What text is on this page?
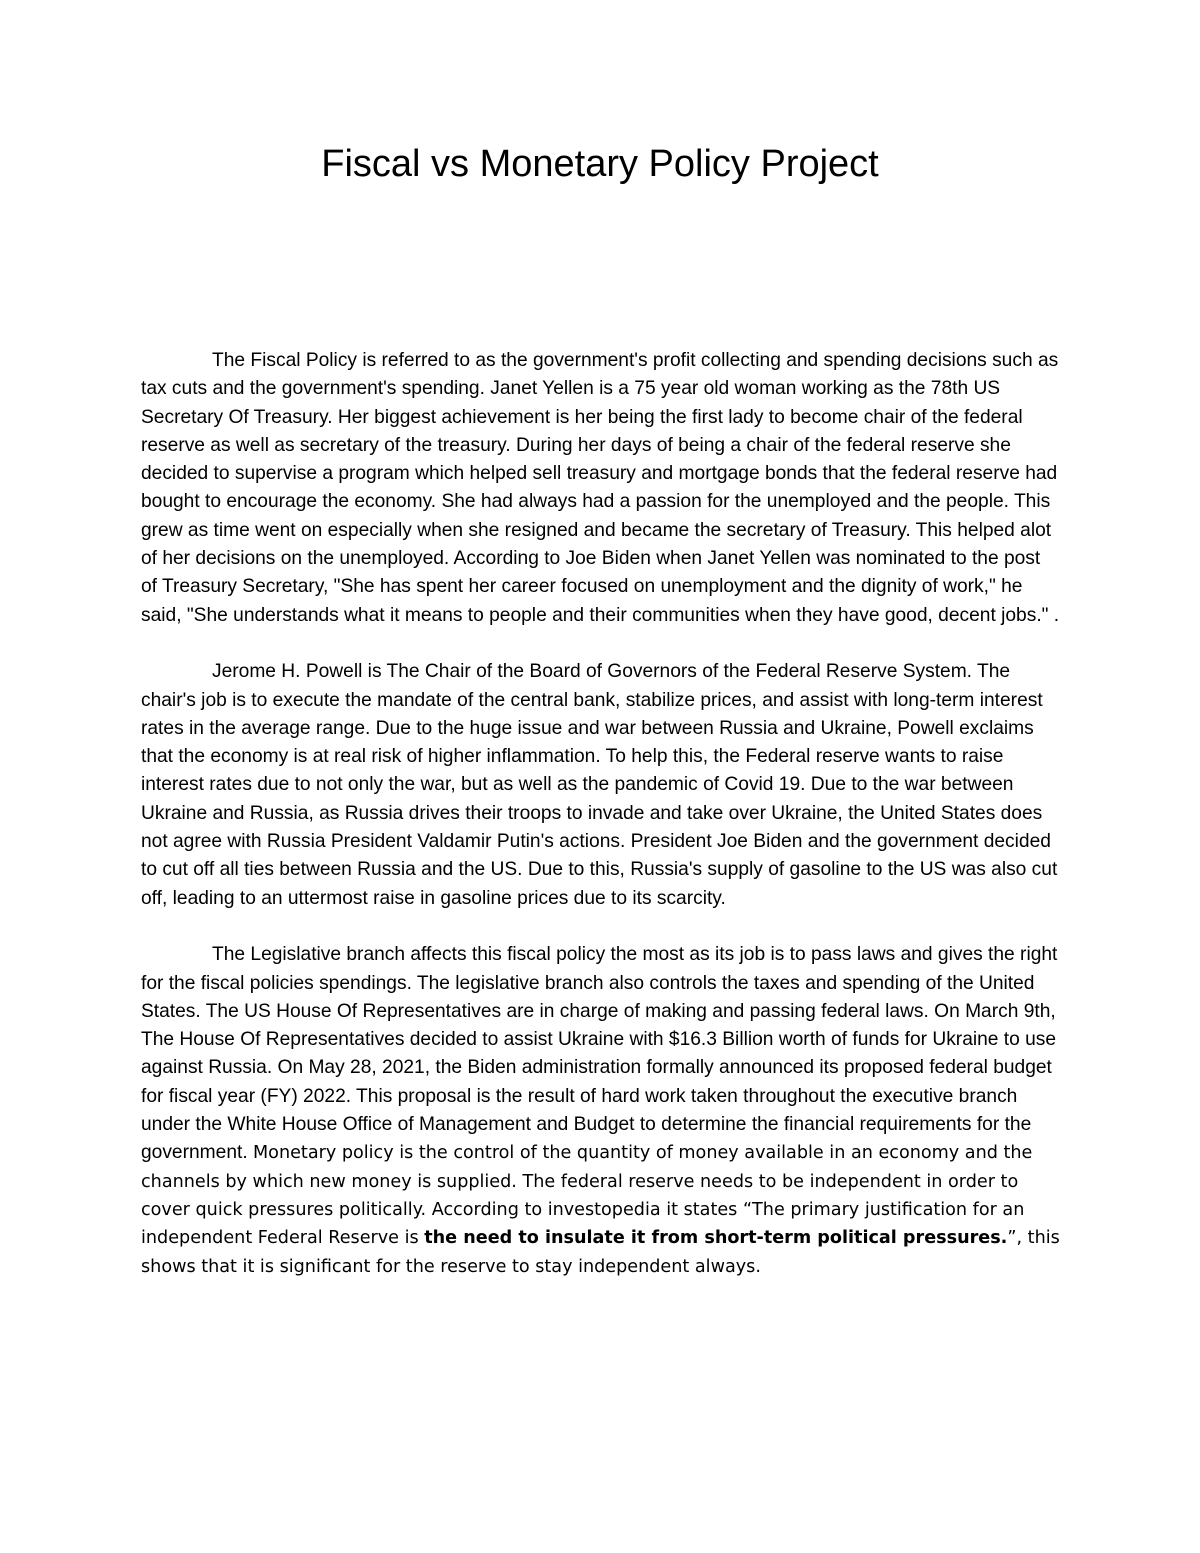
Fiscal vs Monetary Policy Project

The Fiscal Policy is referred to as the government's profit collecting and spending decisions such as tax cuts and the government's spending. Janet Yellen is a 75 year old woman working as the 78th US Secretary Of Treasury. Her biggest achievement is her being the first lady to become chair of the federal reserve as well as secretary of the treasury. During her days of being a chair of the federal reserve she decided to supervise a program which helped sell treasury and mortgage bonds that the federal reserve had bought to encourage the economy. She had always had a passion for the unemployed and the people. This grew as time went on especially when she resigned and became the secretary of Treasury. This helped alot of her decisions on the unemployed. According to Joe Biden when Janet Yellen was nominated to the post of Treasury Secretary, "She has spent her career focused on unemployment and the dignity of work," he said, "She understands what it means to people and their communities when they have good, decent jobs." .

Jerome H. Powell is The Chair of the Board of Governors of the Federal Reserve System. The chair's job is to execute the mandate of the central bank, stabilize prices, and assist with long-term interest rates in the average range. Due to the huge issue and war between Russia and Ukraine, Powell exclaims that the economy is at real risk of higher inflammation. To help this, the Federal reserve wants to raise interest rates due to not only the war, but as well as the pandemic of Covid 19. Due to the war between Ukraine and Russia, as Russia drives their troops to invade and take over Ukraine, the United States does not agree with Russia President Valdamir Putin's actions. President Joe Biden and the government decided to cut off all ties between Russia and the US. Due to this, Russia's supply of gasoline to the US was also cut off, leading to an uttermost raise in gasoline prices due to its scarcity.

The Legislative branch affects this fiscal policy the most as its job is to pass laws and gives the right for the fiscal policies spendings. The legislative branch also controls the taxes and spending of the United States. The US House Of Representatives are in charge of making and passing federal laws. On March 9th, The House Of Representatives decided to assist Ukraine with $16.3 Billion worth of funds for Ukraine to use against Russia. On May 28, 2021, the Biden administration formally announced its proposed federal budget for fiscal year (FY) 2022. This proposal is the result of hard work taken throughout the executive branch under the White House Office of Management and Budget to determine the financial requirements for the government. Monetary policy is the control of the quantity of money available in an economy and the channels by which new money is supplied. The federal reserve needs to be independent in order to cover quick pressures politically. According to investopedia it states “The primary justification for an independent Federal Reserve is the need to insulate it from short-term political pressures.”, this shows that it is significant for the reserve to stay independent always.
